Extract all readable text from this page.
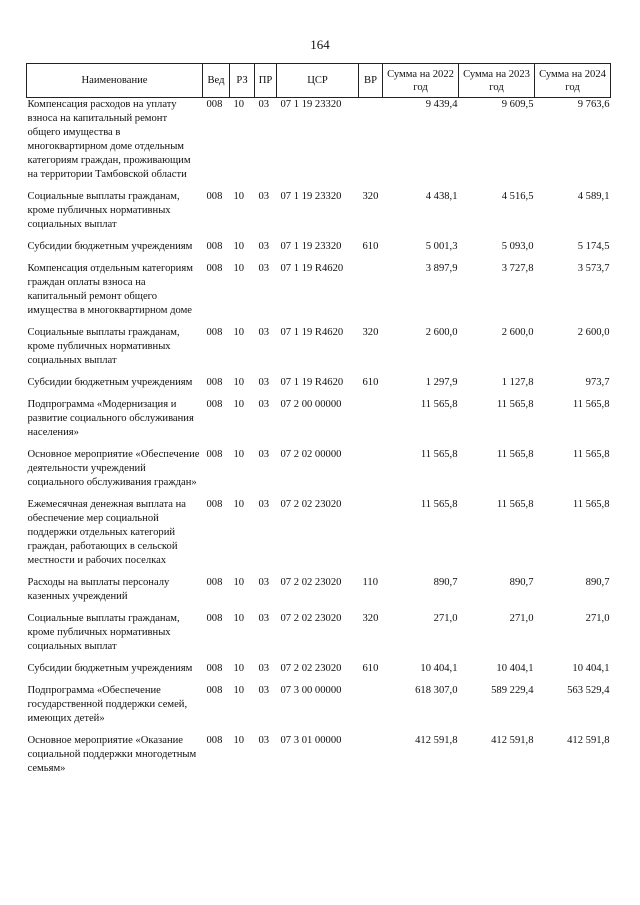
164
Наименование	Вед	РЗ	ПР	ЦСР	ВР	Сумма на 2022 год	Сумма на 2023 год	Сумма на 2024 год
Компенсация расходов на уплату взноса на капитальный ремонт общего имущества в многоквартирном доме отдельным категориям граждан, проживающим на территории Тамбовской области	008	10	03	07 1 19 23320		9 439,4	9 609,5	9 763,6
Социальные выплаты гражданам, кроме публичных нормативных социальных выплат	008	10	03	07 1 19 23320	320	4 438,1	4 516,5	4 589,1
Субсидии бюджетным учреждениям	008	10	03	07 1 19 23320	610	5 001,3	5 093,0	5 174,5
Компенсация отдельным категориям граждан оплаты взноса на капитальный ремонт общего имущества в многоквартирном доме	008	10	03	07 1 19 R4620		3 897,9	3 727,8	3 573,7
Социальные выплаты гражданам, кроме публичных нормативных социальных выплат	008	10	03	07 1 19 R4620	320	2 600,0	2 600,0	2 600,0
Субсидии бюджетным учреждениям	008	10	03	07 1 19 R4620	610	1 297,9	1 127,8	973,7
Подпрограмма «Модернизация и развитие социального обслуживания населения»	008	10	03	07 2 00 00000		11 565,8	11 565,8	11 565,8
Основное мероприятие «Обеспечение деятельности учреждений социального обслуживания граждан»	008	10	03	07 2 02 00000		11 565,8	11 565,8	11 565,8
Ежемесячная денежная выплата на обеспечение мер социальной поддержки отдельных категорий граждан, работающих в сельской местности и рабочих поселках	008	10	03	07 2 02 23020		11 565,8	11 565,8	11 565,8
Расходы на выплаты персоналу казенных учреждений	008	10	03	07 2 02 23020	110	890,7	890,7	890,7
Социальные выплаты гражданам, кроме публичных нормативных социальных выплат	008	10	03	07 2 02 23020	320	271,0	271,0	271,0
Субсидии бюджетным учреждениям	008	10	03	07 2 02 23020	610	10 404,1	10 404,1	10 404,1
Подпрограмма «Обеспечение государственной поддержки семей, имеющих детей»	008	10	03	07 3 00 00000		618 307,0	589 229,4	563 529,4
Основное мероприятие «Оказание социальной поддержки многодетным семьям»	008	10	03	07 3 01 00000		412 591,8	412 591,8	412 591,8
